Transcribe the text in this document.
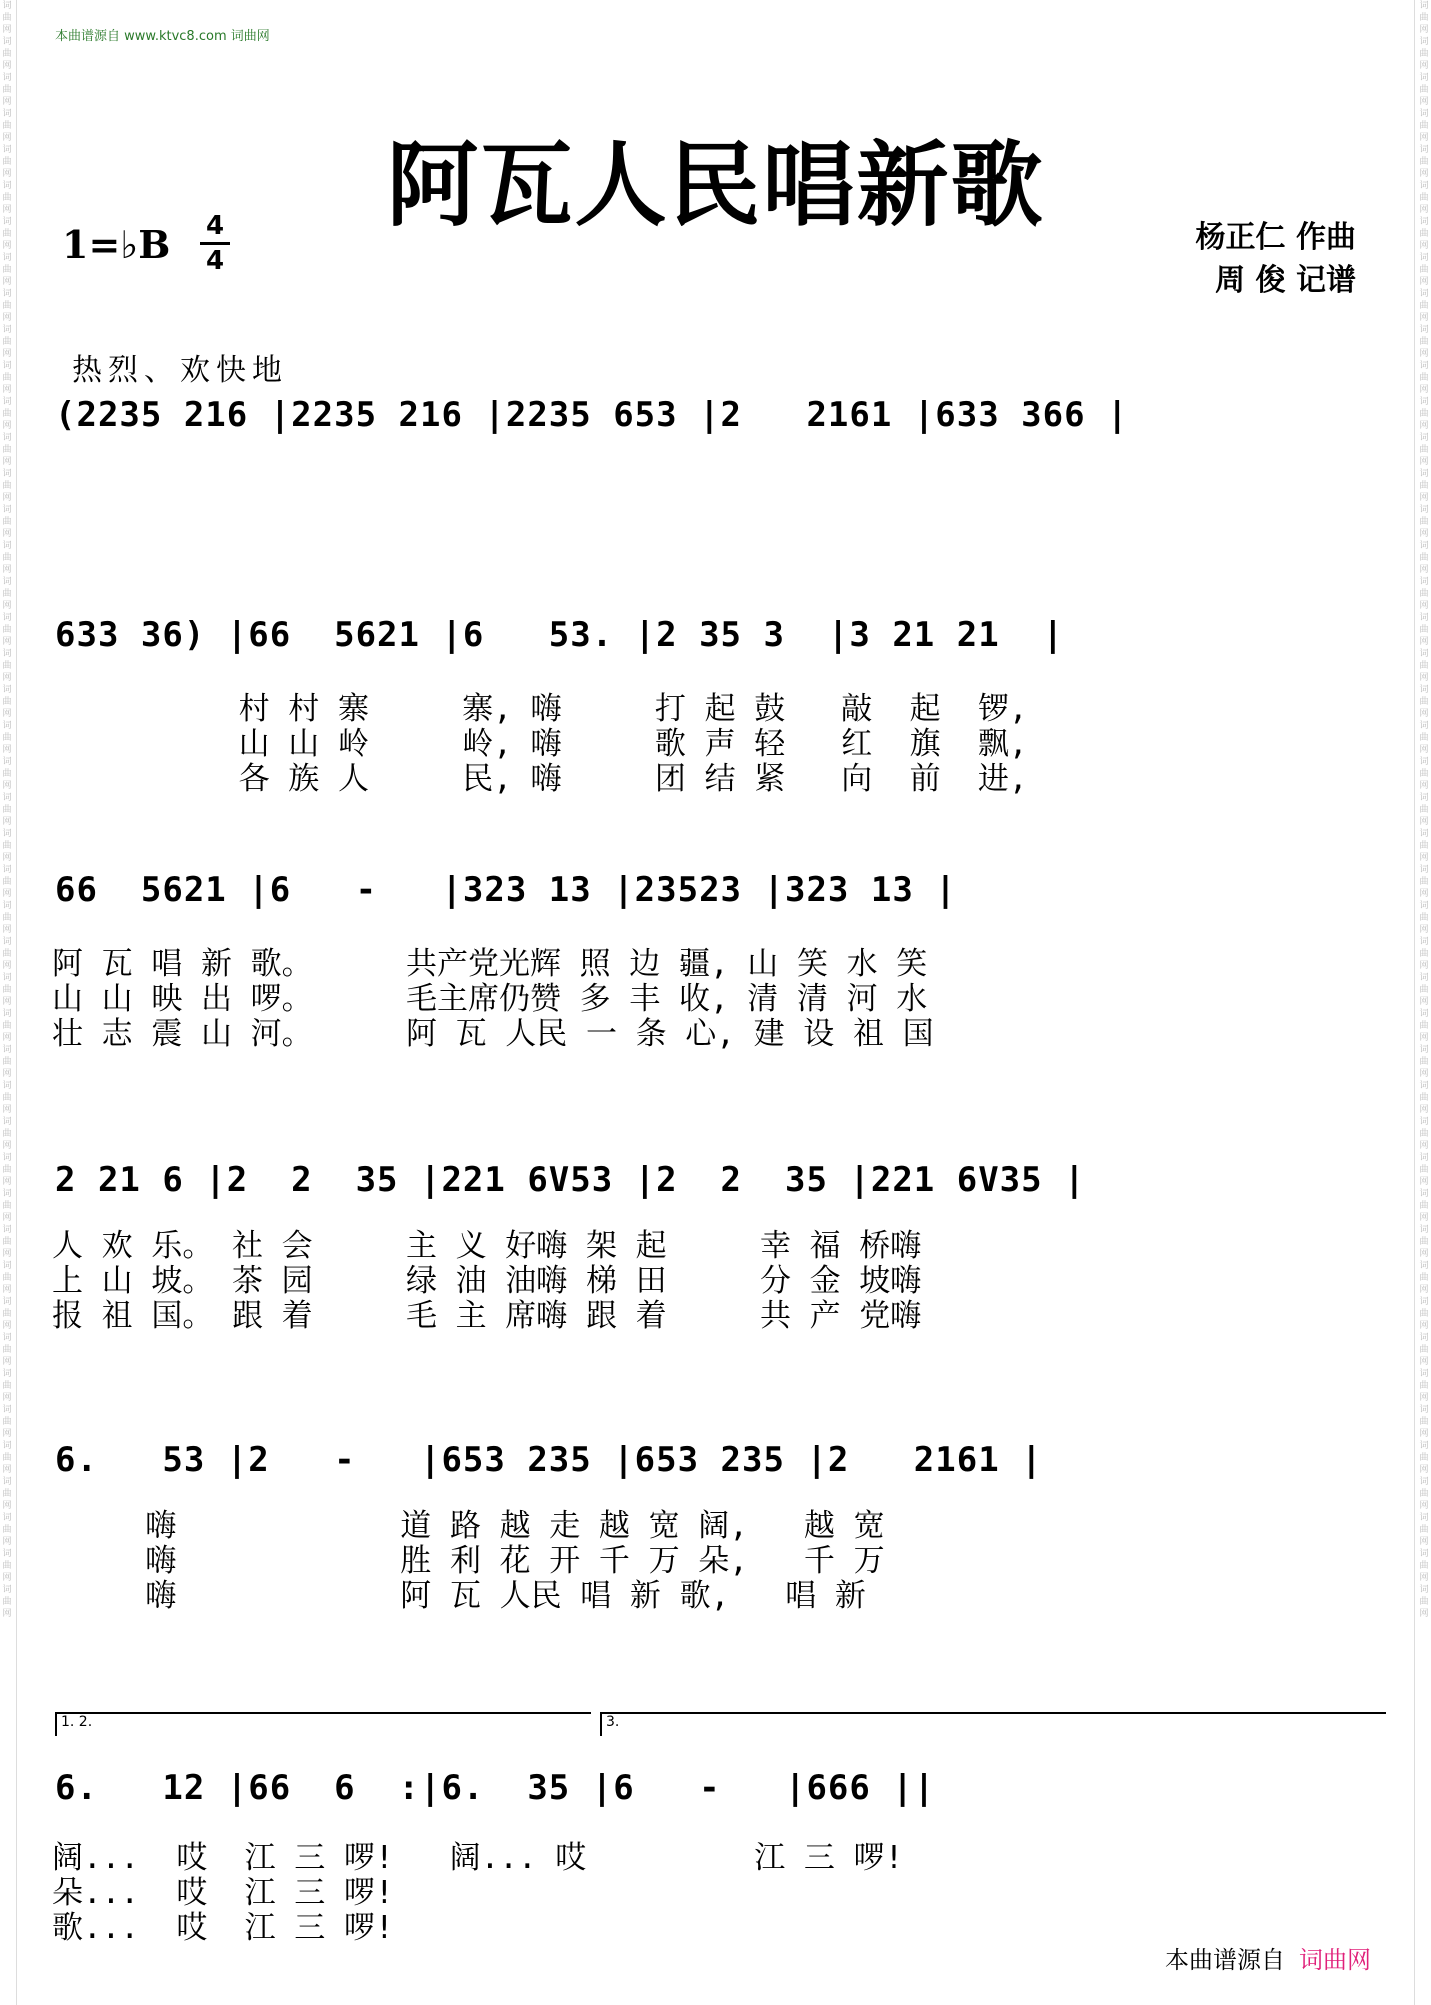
词曲网词曲网词曲网词曲网词曲网词曲网词曲网词曲网词曲网词曲网词曲网词曲网词曲网词曲网词曲网词曲网词曲网词曲网词曲网词曲网词曲网词曲网词曲网词曲网词曲网词曲网词曲网词曲网词曲网词曲网词曲网词曲网词曲网词曲网词曲网词曲网词曲网词曲网词曲网词曲网词曲网词曲网词曲网词曲网词曲网
词曲网词曲网词曲网词曲网词曲网词曲网词曲网词曲网词曲网词曲网词曲网词曲网词曲网词曲网词曲网词曲网词曲网词曲网词曲网词曲网词曲网词曲网词曲网词曲网词曲网词曲网词曲网词曲网词曲网词曲网词曲网词曲网词曲网词曲网词曲网词曲网词曲网词曲网词曲网词曲网词曲网词曲网词曲网词曲网词曲网
本曲谱源自 www.ktvc8.com 词曲网
阿瓦人民唱新歌
1=♭B 4
4
杨正仁 作曲
周 俊 记谱
热烈、欢快地
(2235 216 |2235 216 |2235 653 |2   2161 |633 366 |
633 36) |66  5621 |6   53. |2 35 3  |3 21 21  |
村 村 寨     寨, 嗨     打 起 鼓   敲  起  锣,
山 山 岭     岭, 嗨     歌 声 轻   红  旗  飘,
各 族 人     民, 嗨     团 结 紧   向  前  进,
66  5621 |6   -   |323 13 |23523 |323 13 |
阿 瓦 唱 新 歌。     共产党光辉 照 边 疆, 山 笑 水 笑
山 山 映 出 啰。     毛主席仍赞 多 丰 收, 清 清 河 水
壮 志 震 山 河。     阿 瓦 人民 一 条 心, 建 设 祖 国
2 21 6 |2  2  35 |221 6V53 |2  2  35 |221 6V35 |
人 欢 乐。 社 会     主 义 好嗨 架 起     幸 福 桥嗨
上 山 坡。 茶 园     绿 油 油嗨 梯 田     分 金 坡嗨
报 祖 国。 跟 着     毛 主 席嗨 跟 着     共 产 党嗨
6.   53 |2   -   |653 235 |653 235 |2   2161 |
嗨            道 路 越 走 越 宽 阔,   越 宽
嗨            胜 利 花 开 千 万 朵,   千 万
嗨            阿 瓦 人民 唱 新 歌,   唱 新
1. 2.	3.
6.   12 |66  6  :|6.  35 |6   -   |666 ||
阔...  哎  江 三 啰!   阔... 哎         江 三 啰!
朵...  哎  江 三 啰!
歌...  哎  江 三 啰!
本曲谱源自 词曲网
